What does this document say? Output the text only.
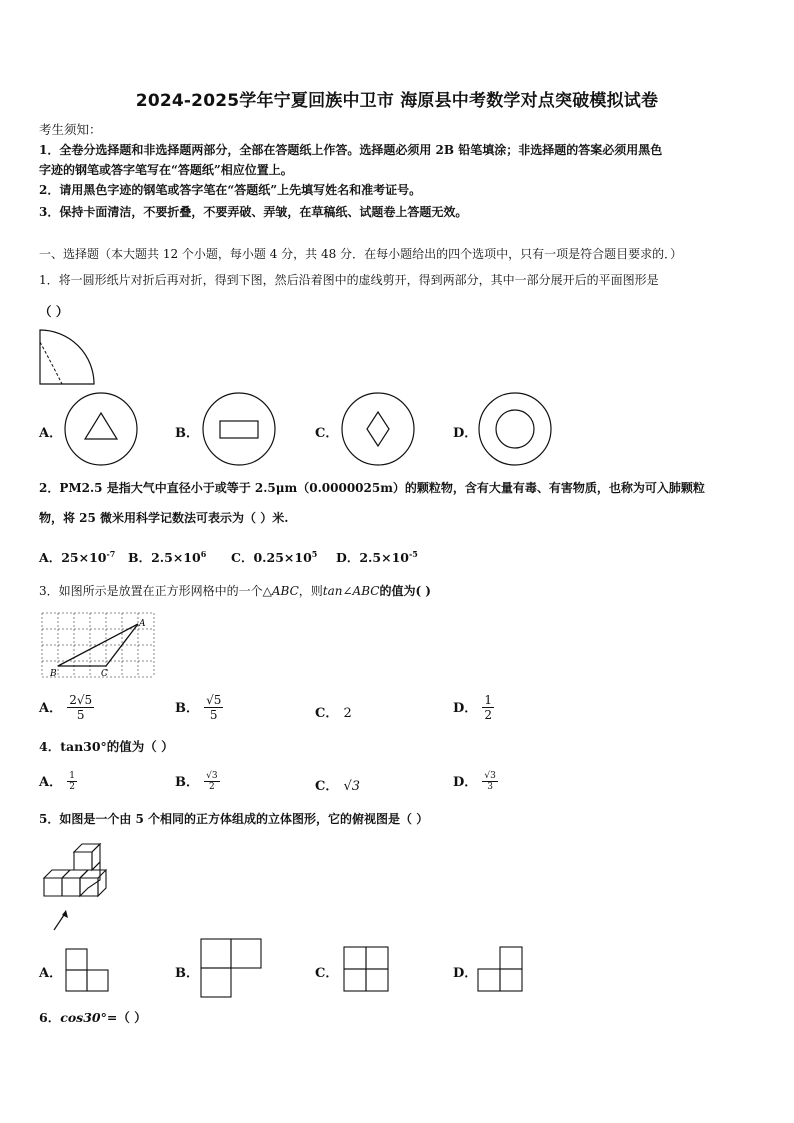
2024-2025学年宁夏回族中卫市 海原县中考数学对点突破模拟试卷
考生须知：
1．全卷分选择题和非选择题两部分，全部在答题纸上作答。选择题必须用 2B 铅笔填涂；非选择题的答案必须用黑色
字迹的钢笔或答字笔写在“答题纸”相应位置上。
2．请用黑色字迹的钢笔或答字笔在“答题纸”上先填写姓名和准考证号。
3．保持卡面清洁，不要折叠，不要弄破、弄皱，在草稿纸、试题卷上答题无效。
一、选择题（本大题共 12 个小题，每小题 4 分，共 48 分．在每小题给出的四个选项中，只有一项是符合题目要求的．）
1．将一圆形纸片对折后再对折，得到下图，然后沿着图中的虚线剪开，得到两部分，其中一部分展开后的平面图形是
（ ）
A．	B．	C．	D．
2．PM2.5 是指大气中直径小于或等于 2.5μm（0.0000025m）的颗粒物，含有大量有毒、有害物质，也称为可入肺颗粒
物，将 25 微米用科学记数法可表示为（ ）米.
A．$25\times 10^{-7}$ B．$2.5\times 10^6$ C．$0.25\times 10^5$ D．$2.5\times 10^{-5}$
3．如图所示是放置在正方形网格中的一个△ABC，则tan∠ABC的值为( )
A
B	C
A． $\frac{2√5}{5}$	B． $\frac{√5}{5}$	C． 2	D． $\frac{1}{2}$
4．tan30°的值为（ ）
A． $\frac{1}{2}$	B． $\frac{√3}{2}$	C． √3	D． $\frac{√3}{3}$
5．如图是一个由 5 个相同的正方体组成的立体图形，它的俯视图是（ ）
A．	B．	C．	D．
6．cos30°=（ ）
